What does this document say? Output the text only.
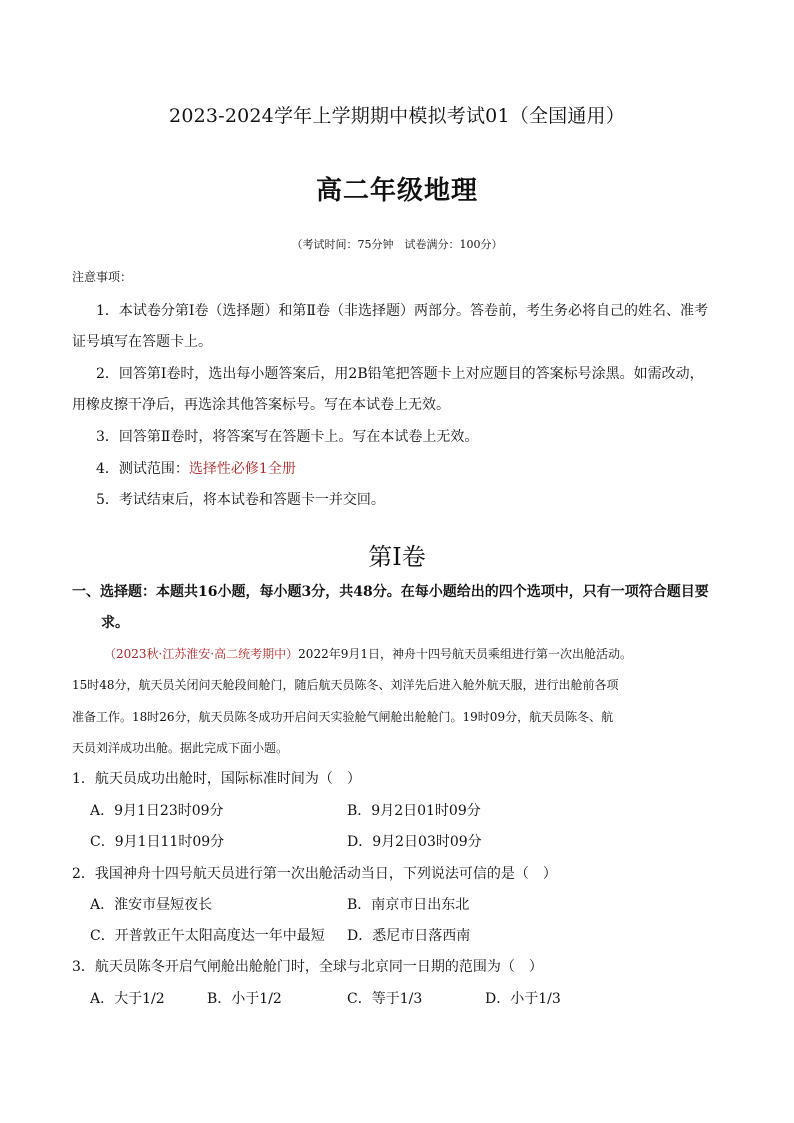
2023-2024学年上学期期中模拟考试01（全国通用）
高二年级地理
（考试时间：75分钟　试卷满分：100分）
注意事项：
1．本试卷分第Ⅰ卷（选择题）和第Ⅱ卷（非选择题）两部分。答卷前，考生务必将自己的姓名、准考
证号填写在答题卡上。
2．回答第Ⅰ卷时，选出每小题答案后，用2B铅笔把答题卡上对应题目的答案标号涂黑。如需改动，
用橡皮擦干净后，再选涂其他答案标号。写在本试卷上无效。
3．回答第Ⅱ卷时，将答案写在答题卡上。写在本试卷上无效。
4．测试范围：选择性必修1全册
5．考试结束后，将本试卷和答题卡一并交回。
第Ⅰ卷
一、选择题：本题共16小题，每小题3分，共48分。在每小题给出的四个选项中，只有一项符合题目要
求。
（2023秋·江苏淮安·高二统考期中）2022年9月1日，神舟十四号航天员乘组进行第一次出舱活动。
15时48分，航天员关闭问天舱段间舱门，随后航天员陈冬、刘洋先后进入舱外航天服，进行出舱前各项
准备工作。18时26分，航天员陈冬成功开启问天实验舱气闸舱出舱舱门。19时09分，航天员陈冬、航
天员刘洋成功出舱。据此完成下面小题。
1．航天员成功出舱时，国际标准时间为（　）
A．9月1日23时09分	B．9月2日01时09分
C．9月1日11时09分	D．9月2日03时09分
2．我国神舟十四号航天员进行第一次出舱活动当日，下列说法可信的是（　）
A．淮安市昼短夜长	B．南京市日出东北
C．开普敦正午太阳高度达一年中最短 D．悉尼市日落西南
3．航天员陈冬开启气闸舱出舱舱门时，全球与北京同一日期的范围为（　）
A．大于1/2	B．小于1/2	C．等于1/3	D．小于1/3
